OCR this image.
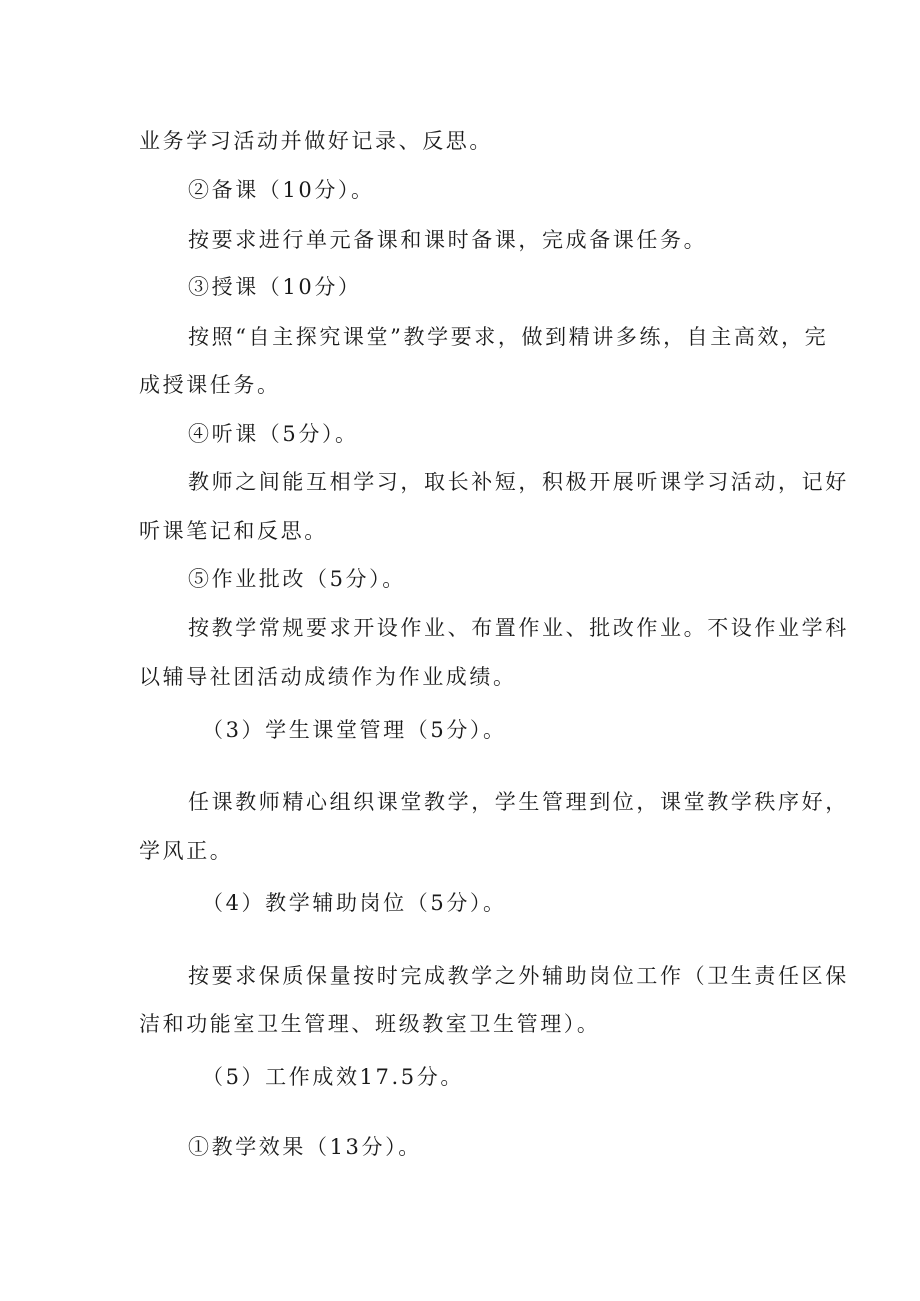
业务学习活动并做好记录、反思。
②备课（10分）。
按要求进行单元备课和课时备课，完成备课任务。
③授课（10分）
按照“自主探究课堂”教学要求，做到精讲多练，自主高效，完
成授课任务。
④听课（5分）。
教师之间能互相学习，取长补短，积极开展听课学习活动，记好
听课笔记和反思。
⑤作业批改（5分）。
按教学常规要求开设作业、布置作业、批改作业。不设作业学科
以辅导社团活动成绩作为作业成绩。
（3）学生课堂管理（5分）。
任课教师精心组织课堂教学，学生管理到位，课堂教学秩序好，
学风正。
（4）教学辅助岗位（5分）。
按要求保质保量按时完成教学之外辅助岗位工作（卫生责任区保
洁和功能室卫生管理、班级教室卫生管理）。
（5）工作成效17.5分。
①教学效果（13分）。
